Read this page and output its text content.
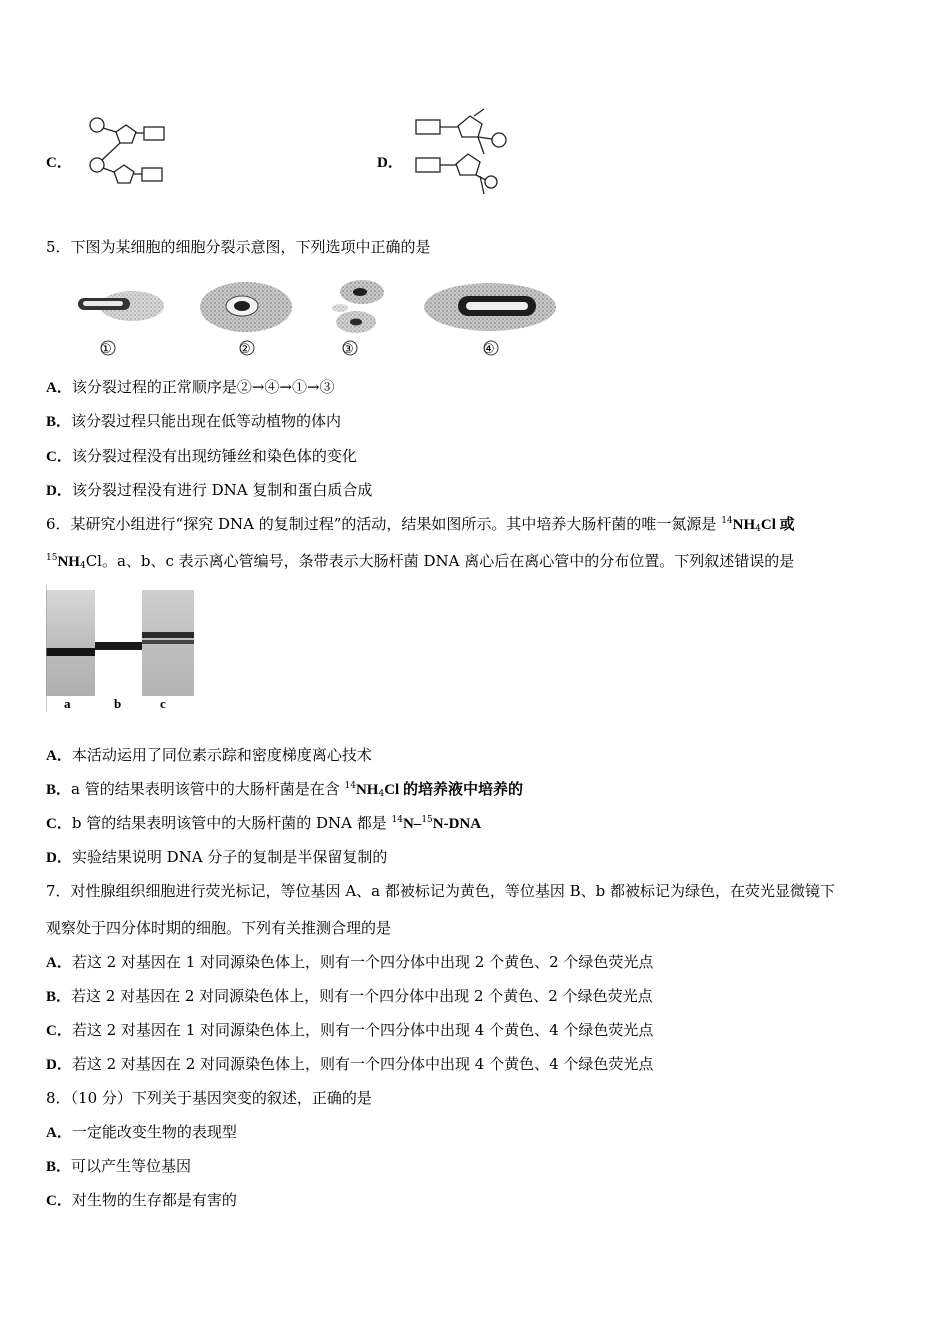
C．	D．
5．下图为某细胞的细胞分裂示意图，下列选项中正确的是
①	②	③	④
A．该分裂过程的正常顺序是②→④→①→③
B．该分裂过程只能出现在低等动植物的体内
C．该分裂过程没有出现纺锤丝和染色体的变化
D．该分裂过程没有进行 DNA 复制和蛋白质合成
6．某研究小组进行“探究 DNA 的复制过程”的活动，结果如图所示。其中培养大肠杆菌的唯一氮源是 $^{14}NH_4Cl$ 或
$^{15}NH_4Cl$。a、b、c 表示离心管编号，条带表示大肠杆菌 DNA 离心后在离心管中的分布位置。下列叙述错误的是
a	b	c
A．本活动运用了同位素示踪和密度梯度离心技术
B．a 管的结果表明该管中的大肠杆菌是在含 $^{14}NH_4Cl$ 的培养液中培养的
C．b 管的结果表明该管中的大肠杆菌的 DNA 都是 $^{14}$N–$^{15}$N-DNA
D．实验结果说明 DNA 分子的复制是半保留复制的
7．对性腺组织细胞进行荧光标记，等位基因 A、a 都被标记为黄色，等位基因 B、b 都被标记为绿色，在荧光显微镜下
观察处于四分体时期的细胞。下列有关推测合理的是
A．若这 2 对基因在 1 对同源染色体上，则有一个四分体中出现 2 个黄色、2 个绿色荧光点
B．若这 2 对基因在 2 对同源染色体上，则有一个四分体中出现 2 个黄色、2 个绿色荧光点
C．若这 2 对基因在 1 对同源染色体上，则有一个四分体中出现 4 个黄色、4 个绿色荧光点
D．若这 2 对基因在 2 对同源染色体上，则有一个四分体中出现 4 个黄色、4 个绿色荧光点
8．（10 分）下列关于基因突变的叙述，正确的是
A．一定能改变生物的表现型
B．可以产生等位基因
C．对生物的生存都是有害的
